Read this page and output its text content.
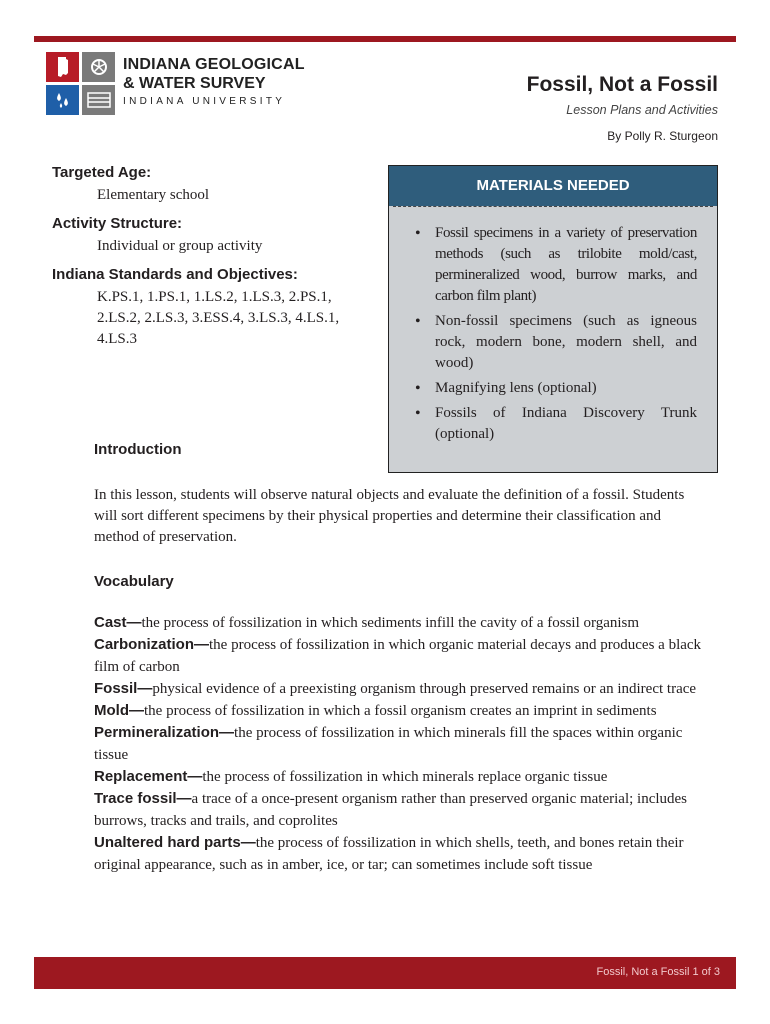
INDIANA GEOLOGICAL
& WATER SURVEY
INDIANA UNIVERSITY
Fossil, Not a Fossil
Lesson Plans and Activities
By Polly R. Sturgeon
Targeted Age:
Elementary school
Activity Structure:
Individual or group activity
Indiana Standards and Objectives:
K.PS.1, 1.PS.1, 1.LS.2, 1.LS.3, 2.PS.1, 2.LS.2, 2.LS.3, 3.ESS.4, 3.LS.3, 4.LS.1, 4.LS.3
MATERIALS NEEDED
• Fossil specimens in a variety of preservation methods (such as trilobite mold/cast, permineralized wood, burrow marks, and carbon film plant)
• Non-fossil specimens (such as igneous rock, modern bone, modern shell, and wood)
• Magnifying lens (optional)
• Fossils of Indiana Discovery Trunk (optional)
Introduction
In this lesson, students will observe natural objects and evaluate the definition of a fossil. Students will sort different specimens by their physical properties and determine their classification and method of preservation.
Vocabulary

Cast—the process of fossilization in which sediments infill the cavity of a fossil organism

Carbonization—the process of fossilization in which organic material decays and produces a black film of carbon

Fossil—physical evidence of a preexisting organism through preserved remains or an indirect trace

Mold—the process of fossilization in which a fossil organism creates an imprint in sediments

Permineralization—the process of fossilization in which minerals fill the spaces within organic tissue

Replacement—the process of fossilization in which minerals replace organic tissue

Trace fossil—a trace of a once-present organism rather than preserved organic material; includes burrows, tracks and trails, and coprolites

Unaltered hard parts—the process of fossilization in which shells, teeth, and bones retain their original appearance, such as in amber, ice, or tar; can sometimes include soft tissue

Fossil, Not a Fossil 1 of 3
